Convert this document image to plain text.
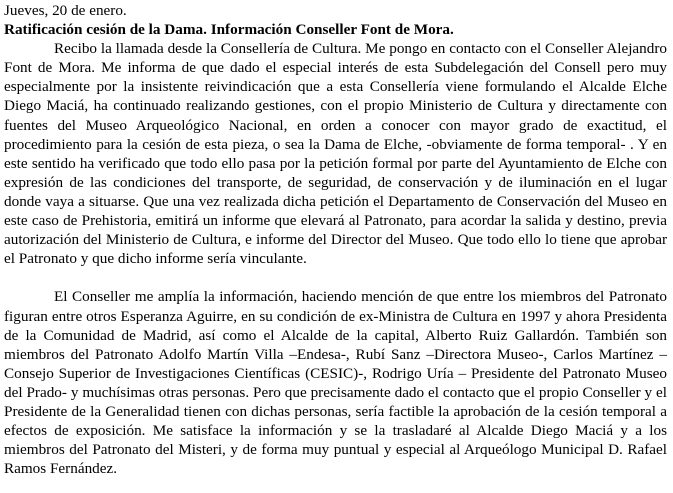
Jueves, 20 de enero.

Ratificación cesión de la Dama. Información Conseller Font de Mora.

Recibo la llamada desde la Consellería de Cultura. Me pongo en contacto con el Conseller Alejandro Font de Mora. Me informa de que dado el especial interés de esta Subdelegación del Consell pero muy especialmente por la insistente reivindicación que a esta Consellería viene formulando el Alcalde Elche Diego Maciá, ha continuado realizando gestiones, con el propio Ministerio de Cultura y directamente con fuentes del Museo Arqueológico Nacional, en orden a conocer con mayor grado de exactitud, el procedimiento para la cesión de esta pieza, o sea la Dama de Elche, -obviamente de forma temporal- . Y en este sentido ha verificado que todo ello pasa por la petición formal por parte del Ayuntamiento de Elche con expresión de las condiciones del transporte, de seguridad, de conservación y de iluminación en el lugar donde vaya a situarse. Que una vez realizada dicha petición el Departamento de Conservación del Museo en este caso de Prehistoria, emitirá un informe que elevará al Patronato, para acordar la salida y destino, previa autorización del Ministerio de Cultura, e informe del Director del Museo. Que todo ello lo tiene que aprobar el Patronato y que dicho informe sería vinculante.

El Conseller me amplía la información, haciendo mención de que entre los miembros del Patronato figuran entre otros Esperanza Aguirre, en su condición de ex-Ministra de Cultura en 1997 y ahora Presidenta de la Comunidad de Madrid, así como el Alcalde de la capital, Alberto Ruiz Gallardón. También son miembros del Patronato Adolfo Martín Villa –Endesa-, Rubí Sanz –Directora Museo-, Carlos Martínez –Consejo Superior de Investigaciones Científicas (CESIC)-, Rodrigo Uría – Presidente del Patronato Museo del Prado- y muchísimas otras personas. Pero que precisamente dado el contacto que el propio Conseller y el Presidente de la Generalidad tienen con dichas personas, sería factible la aprobación de la cesión temporal a efectos de exposición. Me satisface la información y se la trasladaré al Alcalde Diego Maciá y a los miembros del Patronato del Misteri, y de forma muy puntual y especial al Arqueólogo Municipal D. Rafael Ramos Fernández.
